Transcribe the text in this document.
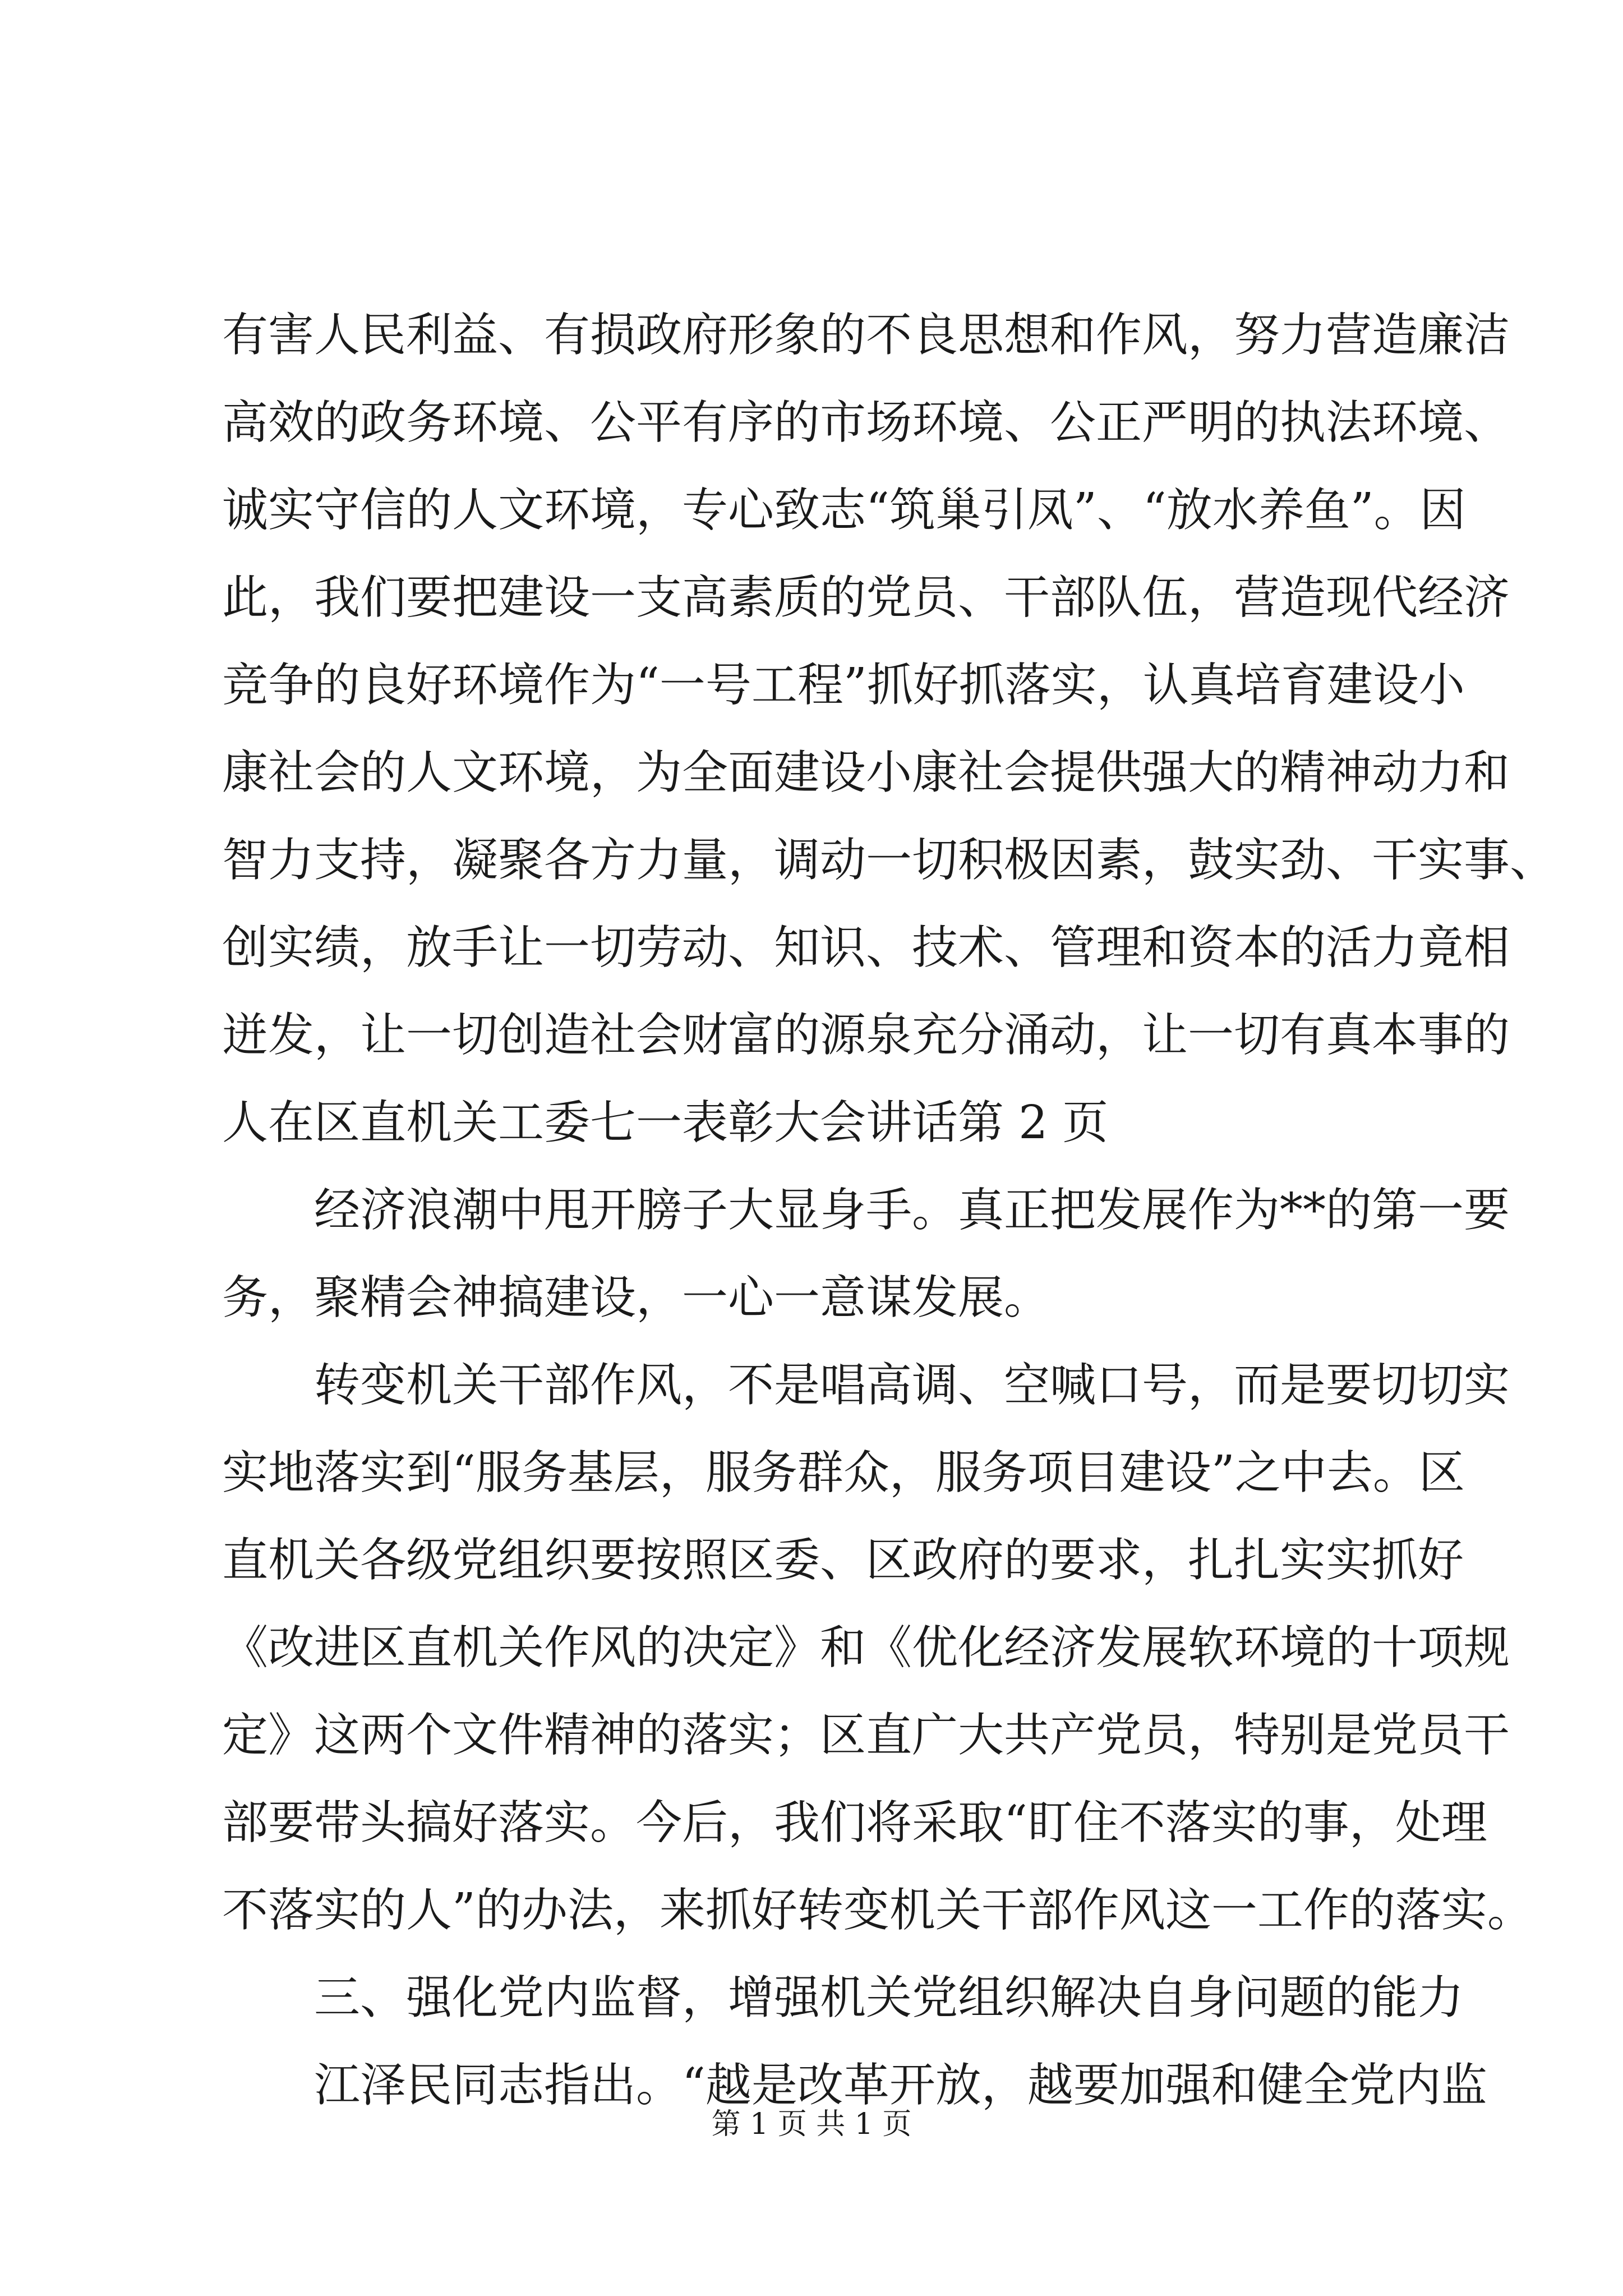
有害人民利益、有损政府形象的不良思想和作风，努力营造廉洁
高效的政务环境、公平有序的市场环境、公正严明的执法环境、
诚实守信的人文环境，专心致志“筑巢引凤”、“放水养鱼”。因
此，我们要把建设一支高素质的党员、干部队伍，营造现代经济
竞争的良好环境作为“一号工程”抓好抓落实，认真培育建设小
康社会的人文环境，为全面建设小康社会提供强大的精神动力和
智力支持，凝聚各方力量，调动一切积极因素，鼓实劲、干实事、
创实绩，放手让一切劳动、知识、技术、管理和资本的活力竟相
迸发，让一切创造社会财富的源泉充分涌动，让一切有真本事的
人在区直机关工委七一表彰大会讲话第 2 页
经济浪潮中甩开膀子大显身手。真正把发展作为**的第一要
务，聚精会神搞建设，一心一意谋发展。
转变机关干部作风，不是唱高调、空喊口号，而是要切切实
实地落实到“服务基层，服务群众，服务项目建设”之中去。区
直机关各级党组织要按照区委、区政府的要求，扎扎实实抓好
《改进区直机关作风的决定》和《优化经济发展软环境的十项规
定》这两个文件精神的落实；区直广大共产党员，特别是党员干
部要带头搞好落实。今后，我们将采取“盯住不落实的事，处理
不落实的人”的办法，来抓好转变机关干部作风这一工作的落实。
三、强化党内监督，增强机关党组织解决自身问题的能力
江泽民同志指出。“越是改革开放，越要加强和健全党内监
第 1 页 共 1 页
